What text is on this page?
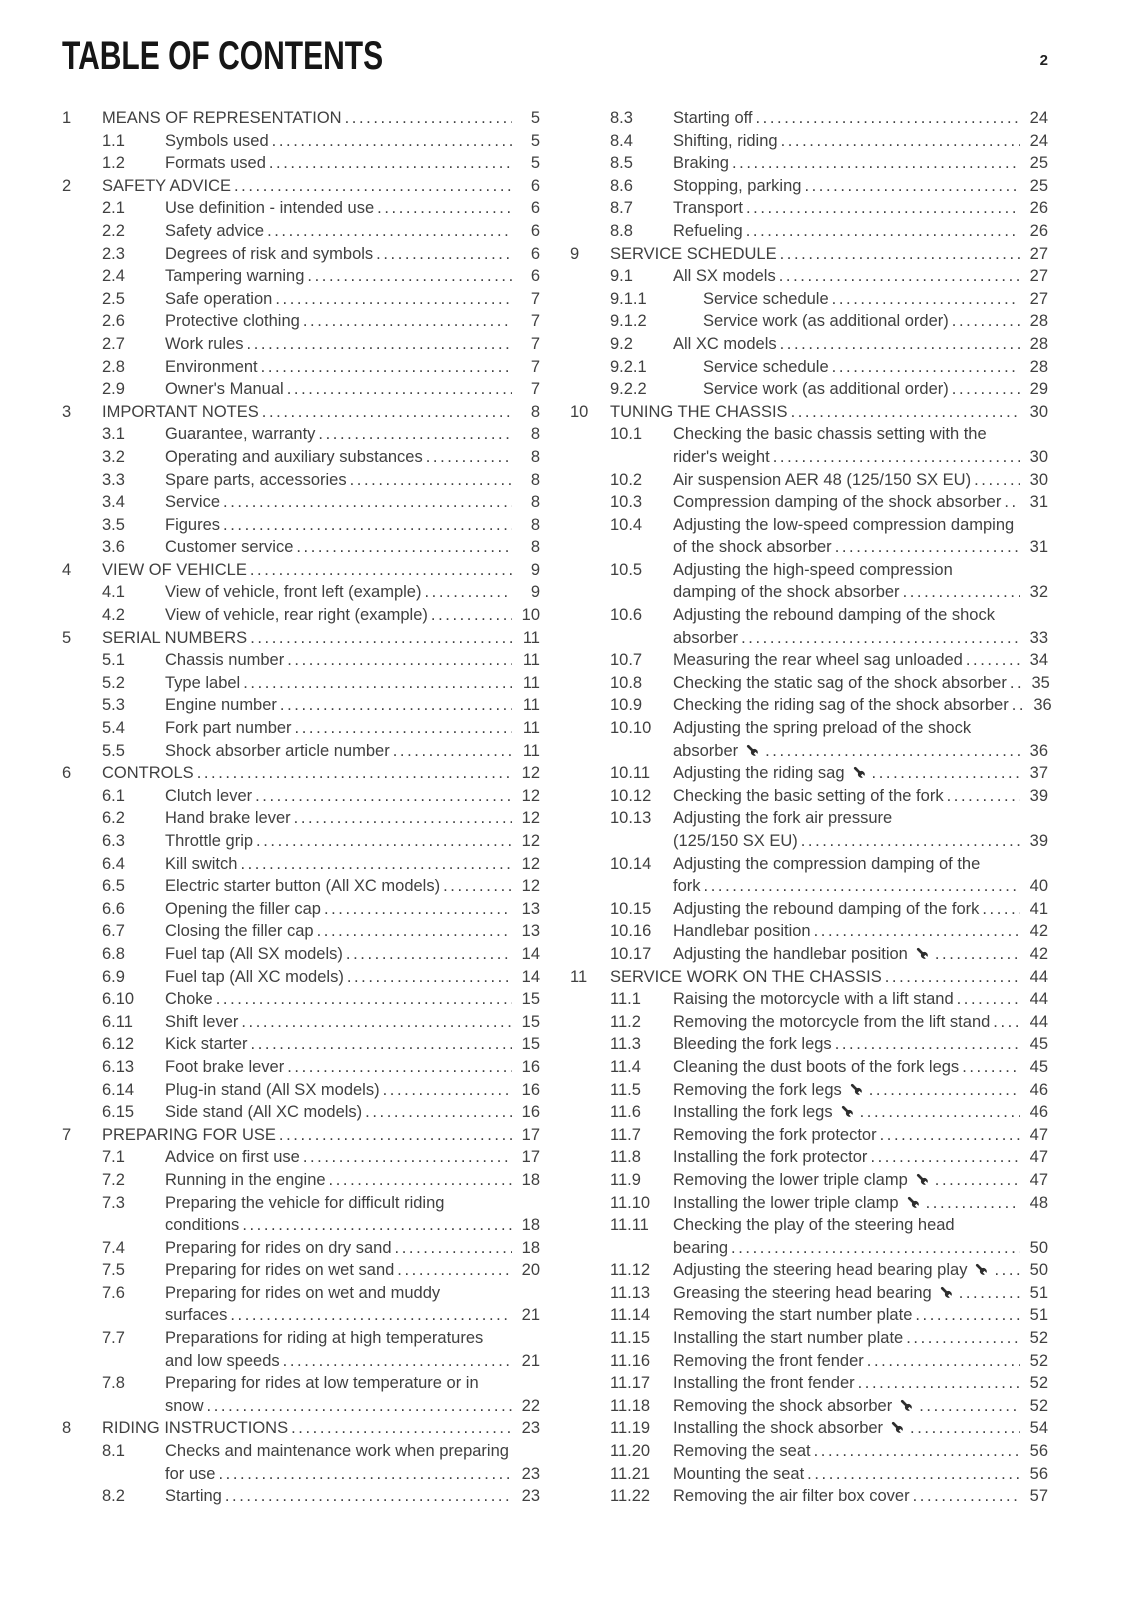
TABLE OF CONTENTS	2
1	MEANS OF REPRESENTATION .....	5
1.1	Symbols used .....	5
1.2	Formats used .....	5
2	SAFETY ADVICE .....	6
2.1	Use definition - intended use .....	6
2.2	Safety advice .....	6
2.3	Degrees of risk and symbols .....	6
2.4	Tampering warning .....	6
2.5	Safe operation .....	7
2.6	Protective clothing .....	7
2.7	Work rules .....	7
2.8	Environment .....	7
2.9	Owner's Manual .....	7
3	IMPORTANT NOTES .....	8
3.1	Guarantee, warranty .....	8
3.2	Operating and auxiliary substances .....	8
3.3	Spare parts, accessories .....	8
3.4	Service .....	8
3.5	Figures .....	8
3.6	Customer service .....	8
4	VIEW OF VEHICLE .....	9
4.1	View of vehicle, front left (example) .....	9
4.2	View of vehicle, rear right (example) .....	10
5	SERIAL NUMBERS .....	11
5.1	Chassis number .....	11
5.2	Type label .....	11
5.3	Engine number .....	11
5.4	Fork part number .....	11
5.5	Shock absorber article number .....	11
6	CONTROLS .....	12
6.1	Clutch lever .....	12
6.2	Hand brake lever .....	12
6.3	Throttle grip .....	12
6.4	Kill switch .....	12
6.5	Electric starter button (All XC models) .....	12
6.6	Opening the filler cap .....	13
6.7	Closing the filler cap .....	13
6.8	Fuel tap (All SX models) .....	14
6.9	Fuel tap (All XC models) .....	14
6.10	Choke .....	15
6.11	Shift lever .....	15
6.12	Kick starter .....	15
6.13	Foot brake lever .....	16
6.14	Plug-in stand (All SX models) .....	16
6.15	Side stand (All XC models) .....	16
7	PREPARING FOR USE .....	17
7.1	Advice on first use .....	17
7.2	Running in the engine .....	18
7.3	Preparing the vehicle for difficult riding
conditions .....	18
7.4	Preparing for rides on dry sand .....	18
7.5	Preparing for rides on wet sand .....	20
7.6	Preparing for rides on wet and muddy
surfaces .....	21
7.7	Preparations for riding at high temperatures
and low speeds .....	21
7.8	Preparing for rides at low temperature or in
snow .....	22
8	RIDING INSTRUCTIONS .....	23
8.1	Checks and maintenance work when preparing
for use .....	23
8.2	Starting .....	23
8.3	Starting off .....	24
8.4	Shifting, riding .....	24
8.5	Braking .....	25
8.6	Stopping, parking .....	25
8.7	Transport .....	26
8.8	Refueling .....	26
9	SERVICE SCHEDULE .....	27
9.1	All SX models .....	27
9.1.1	Service schedule .....	27
9.1.2	Service work (as additional order) .....	28
9.2	All XC models .....	28
9.2.1	Service schedule .....	28
9.2.2	Service work (as additional order) .....	29
10	TUNING THE CHASSIS .....	30
10.1	Checking the basic chassis setting with the
rider's weight .....	30
10.2	Air suspension AER 48 (125/150 SX EU) .....	30
10.3	Compression damping of the shock absorber .....	31
10.4	Adjusting the low-speed compression damping
of the shock absorber .....	31
10.5	Adjusting the high-speed compression
damping of the shock absorber .....	32
10.6	Adjusting the rebound damping of the shock
absorber .....	33
10.7	Measuring the rear wheel sag unloaded .....	34
10.8	Checking the static sag of the shock absorber .....	35
10.9	Checking the riding sag of the shock absorber .....	36
10.10	Adjusting the spring preload of the shock
absorber .....	36
10.11	Adjusting the riding sag .....	37
10.12	Checking the basic setting of the fork .....	39
10.13	Adjusting the fork air pressure
(125/150 SX EU) .....	39
10.14	Adjusting the compression damping of the
fork .....	40
10.15	Adjusting the rebound damping of the fork .....	41
10.16	Handlebar position .....	42
10.17	Adjusting the handlebar position .....	42
11	SERVICE WORK ON THE CHASSIS .....	44
11.1	Raising the motorcycle with a lift stand .....	44
11.2	Removing the motorcycle from the lift stand .....	44
11.3	Bleeding the fork legs .....	45
11.4	Cleaning the dust boots of the fork legs .....	45
11.5	Removing the fork legs .....	46
11.6	Installing the fork legs .....	46
11.7	Removing the fork protector .....	47
11.8	Installing the fork protector .....	47
11.9	Removing the lower triple clamp .....	47
11.10	Installing the lower triple clamp .....	48
11.11	Checking the play of the steering head
bearing .....	50
11.12	Adjusting the steering head bearing play .....	50
11.13	Greasing the steering head bearing .....	51
11.14	Removing the start number plate .....	51
11.15	Installing the start number plate .....	52
11.16	Removing the front fender .....	52
11.17	Installing the front fender .....	52
11.18	Removing the shock absorber .....	52
11.19	Installing the shock absorber .....	54
11.20	Removing the seat .....	56
11.21	Mounting the seat .....	56
11.22	Removing the air filter box cover .....	57
